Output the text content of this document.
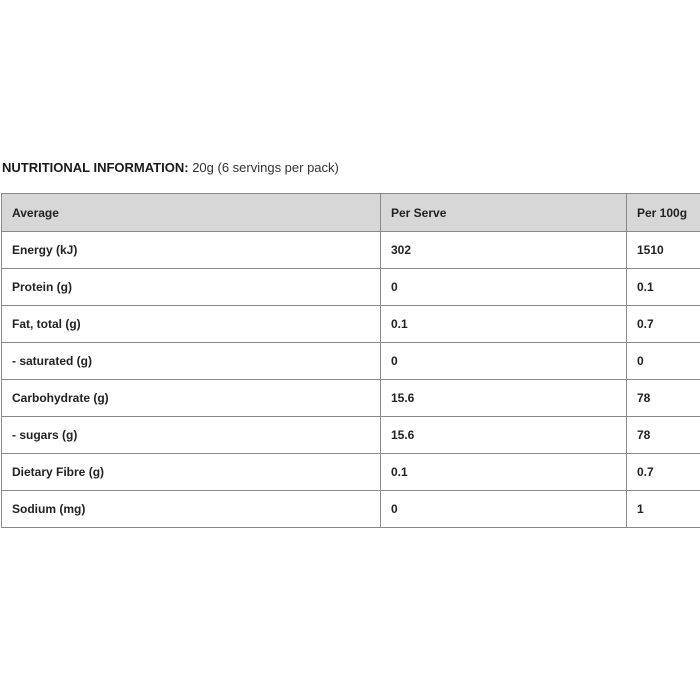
NUTRITIONAL INFORMATION: 20g (6 servings per pack)
Average	Per Serve	Per 100g
Energy (kJ)	302	1510
Protein (g)	0	0.1
Fat, total (g)	0.1	0.7
- saturated (g)	0	0
Carbohydrate (g)	15.6	78
- sugars (g)	15.6	78
Dietary Fibre (g)	0.1	0.7
Sodium (mg)	0	1
